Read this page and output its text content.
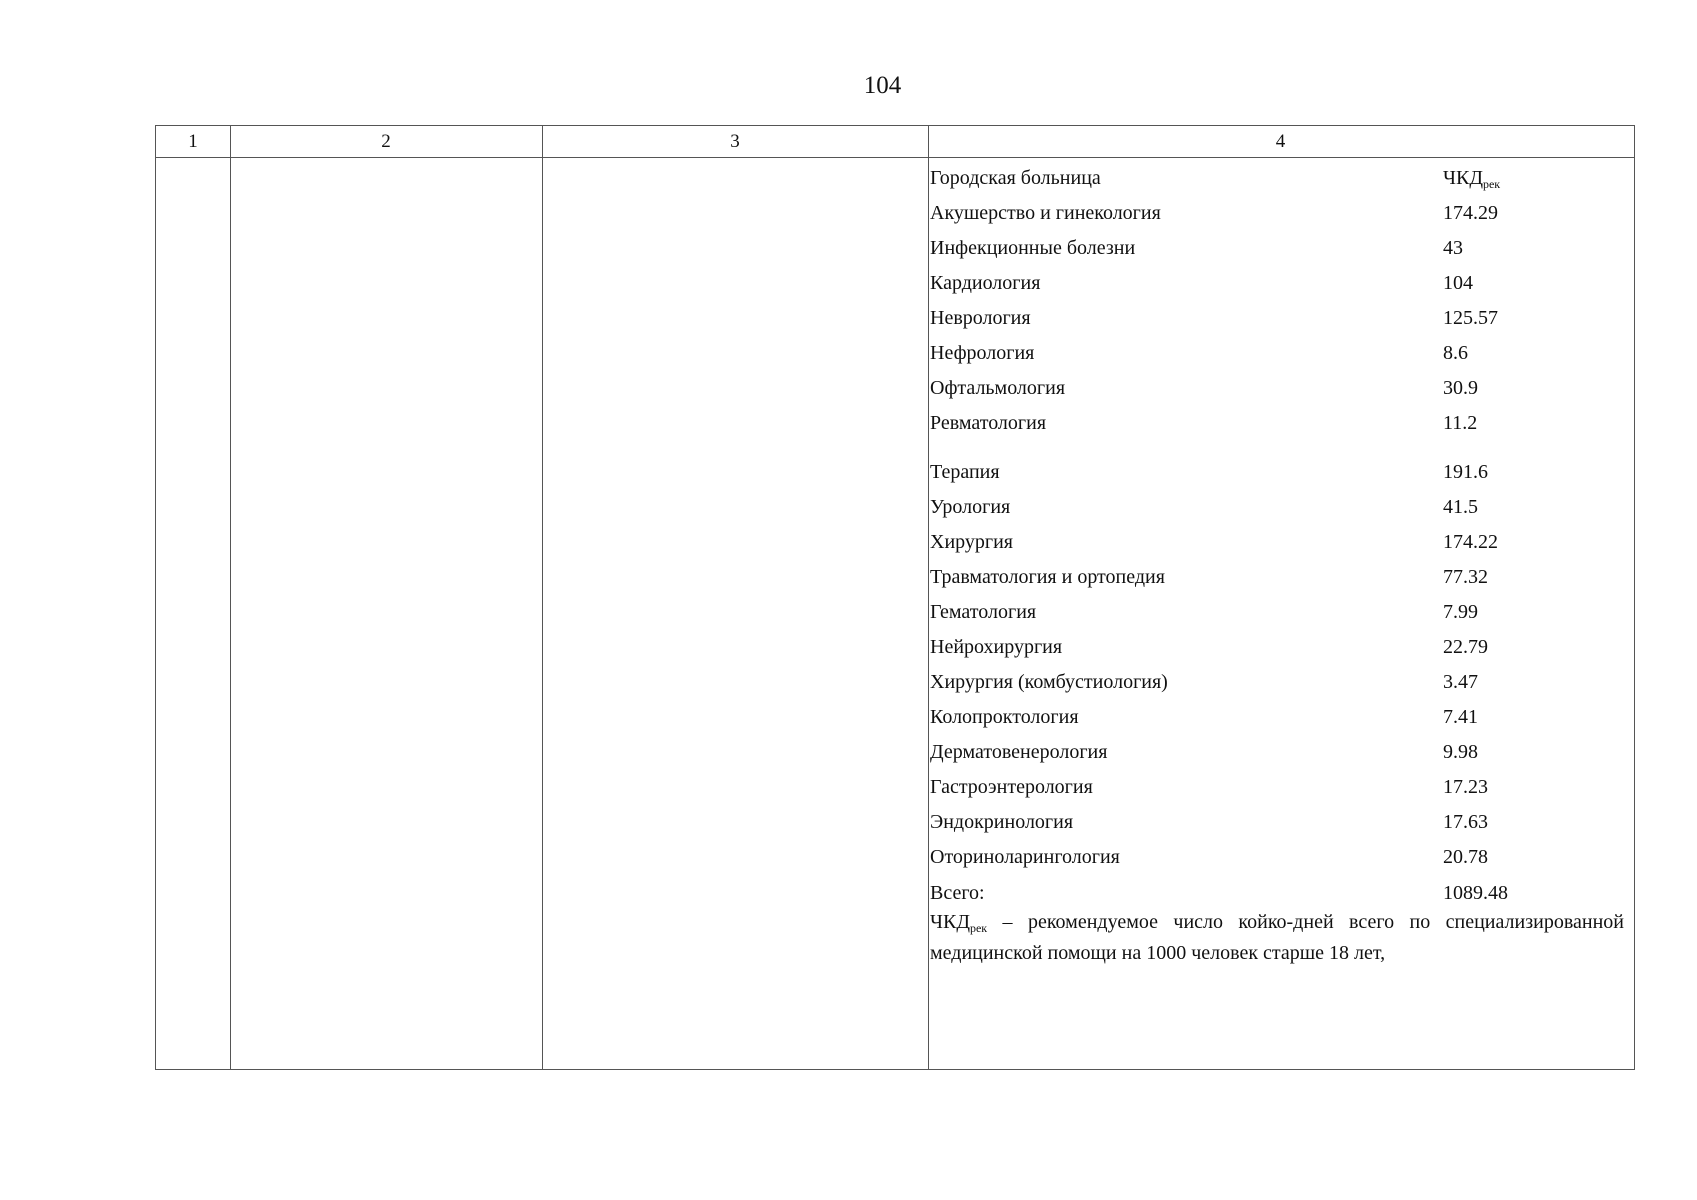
104
1	2	3	4
Городская больница	$ЧКД_{рек}$
Акушерство и гинекология	174.29
Инфекционные болезни	43
Кардиология	104
Неврология	125.57
Нефрология	8.6
Офтальмология	30.9
Ревматология	11.2
Терапия	191.6
Урология	41.5
Хирургия	174.22
Травматология и ортопедия	77.32
Гематология	7.99
Нейрохирургия	22.79
Хирургия (комбустиология)	3.47
Колопроктология	7.41
Дерматовенерология	9.98
Гастроэнтерология	17.23
Эндокринология	17.63
Оториноларингология	20.78
Всего:	1089.48
$ЧКД_{рек}$ – рекомендуемое число койко-дней всего по специализированной медицинской помощи на 1000 человек старше 18 лет,
